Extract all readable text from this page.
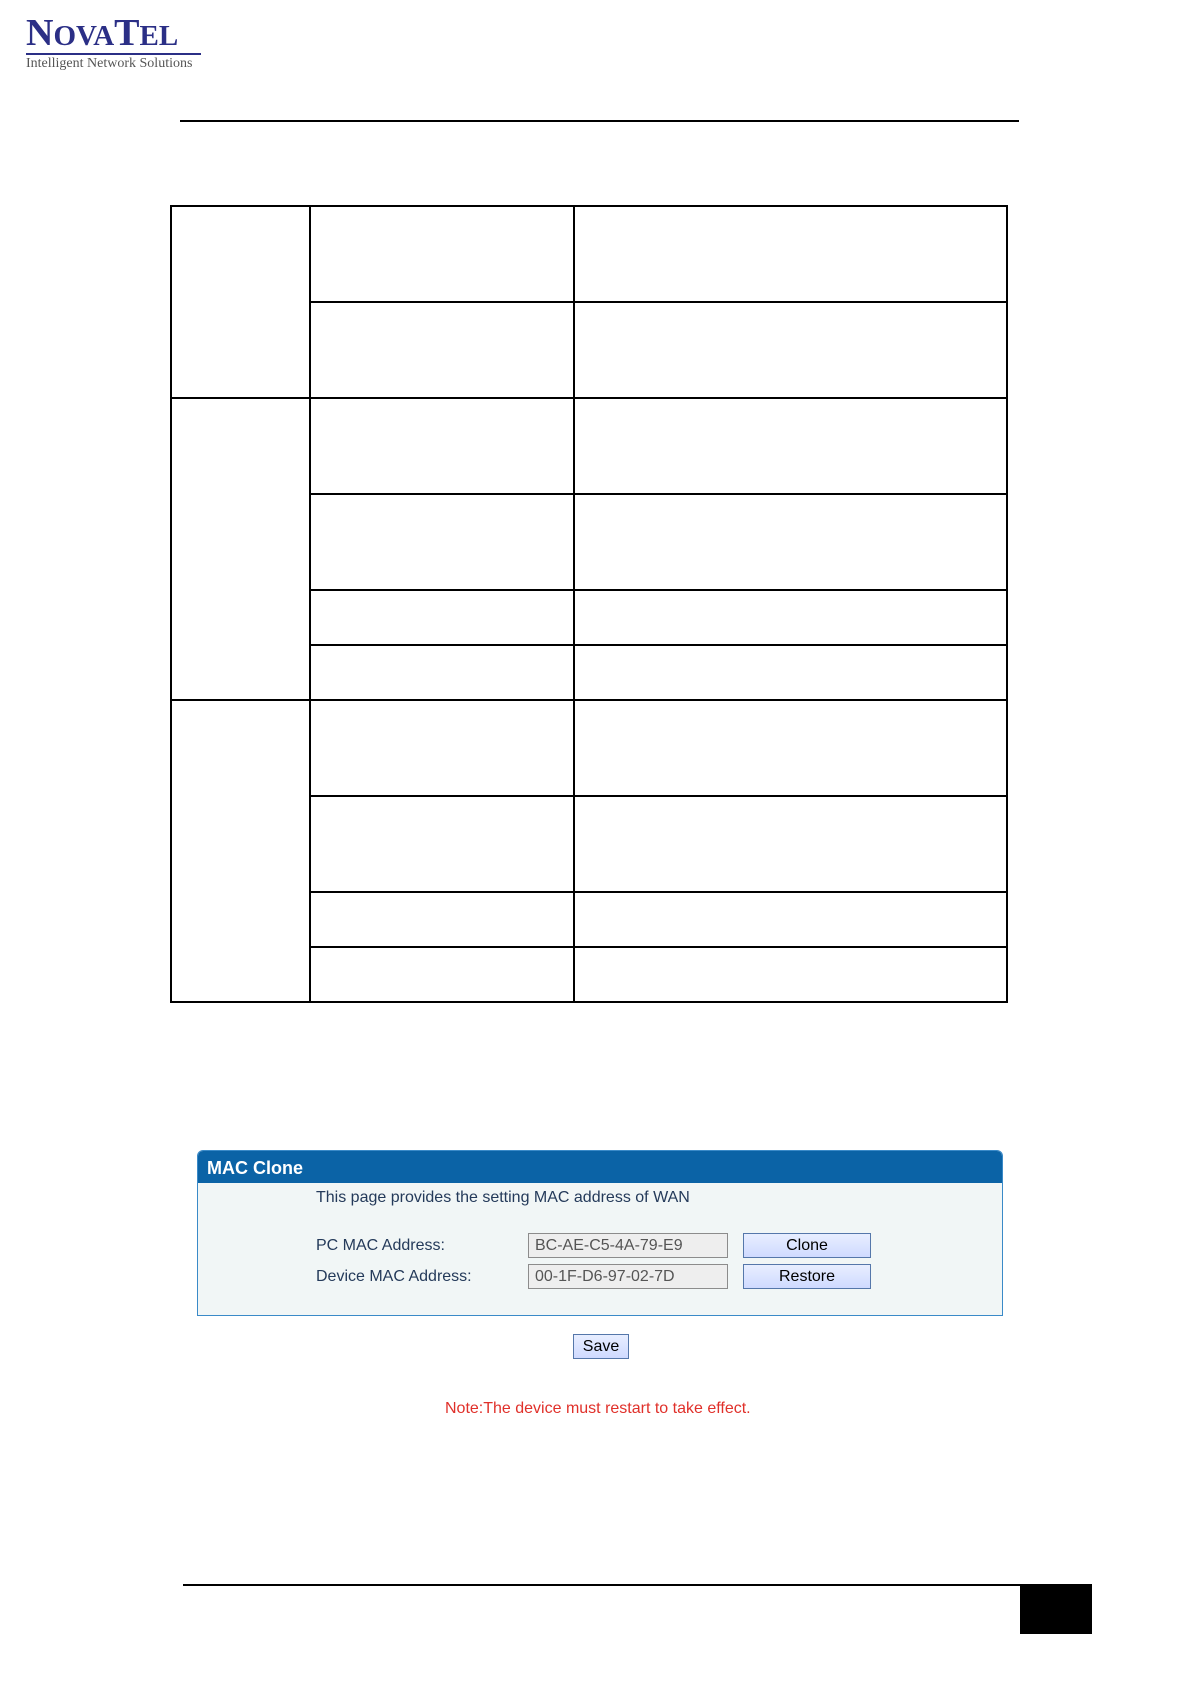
NOVATEL
Intelligent Network Solutions

MAC Clone
This page provides the setting MAC address of WAN
PC MAC Address:
BC-AE-C5-4A-79-E9	Clone
Device MAC Address:
00-1F-D6-97-02-7D	Restore
Save
Note:The device must restart to take effect.
